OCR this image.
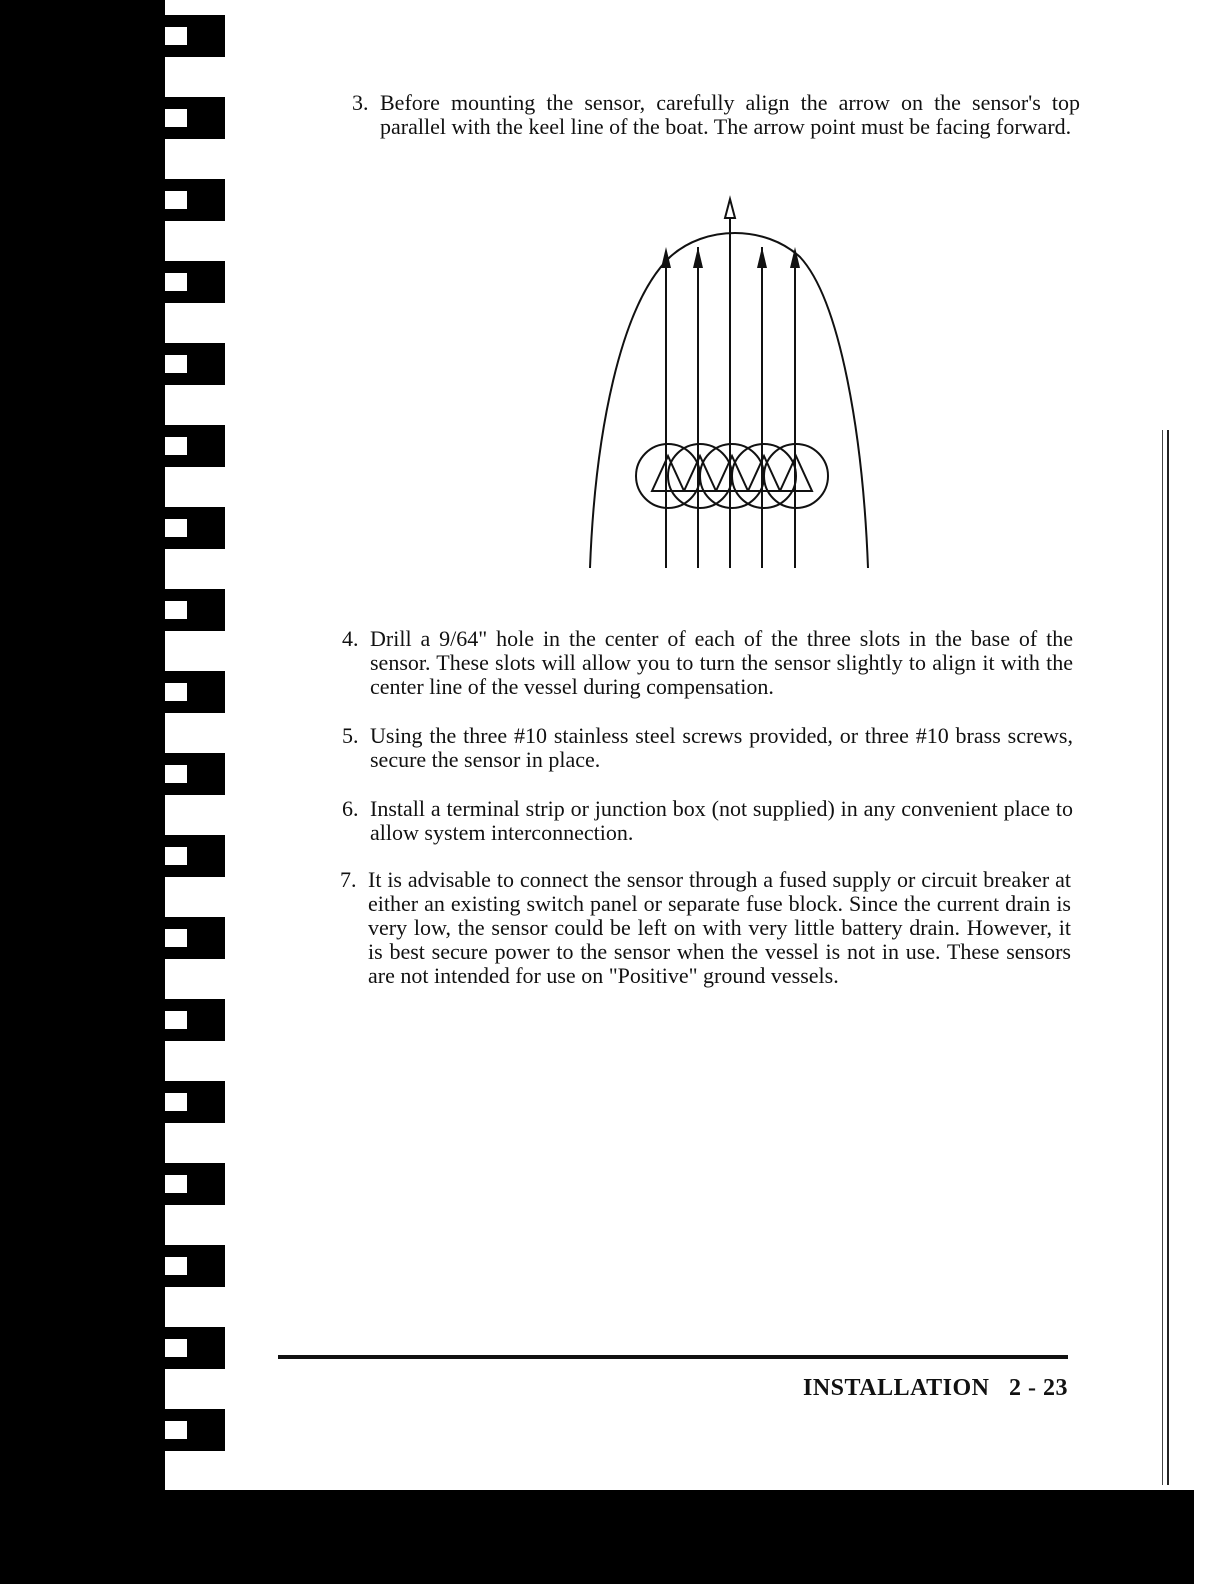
3. Before mounting the sensor, carefully align the arrow on the sensor's top parallel with the keel line of the boat. The arrow point must be facing forward.
4. Drill a 9/64" hole in the center of each of the three slots in the base of the sensor. These slots will allow you to turn the sensor slightly to align it with the center line of the vessel during compensation.
5. Using the three #10 stainless steel screws provided, or three #10 brass screws, secure the sensor in place.
6. Install a terminal strip or junction box (not supplied) in any convenient place to allow system interconnection.
7. It is advisable to connect the sensor through a fused supply or circuit breaker at either an existing switch panel or separate fuse block. Since the current drain is very low, the sensor could be left on with very little battery drain. However, it is best secure power to the sensor when the vessel is not in use. These sensors are not intended for use on "Positive" ground vessels.
INSTALLATION 2 - 23
